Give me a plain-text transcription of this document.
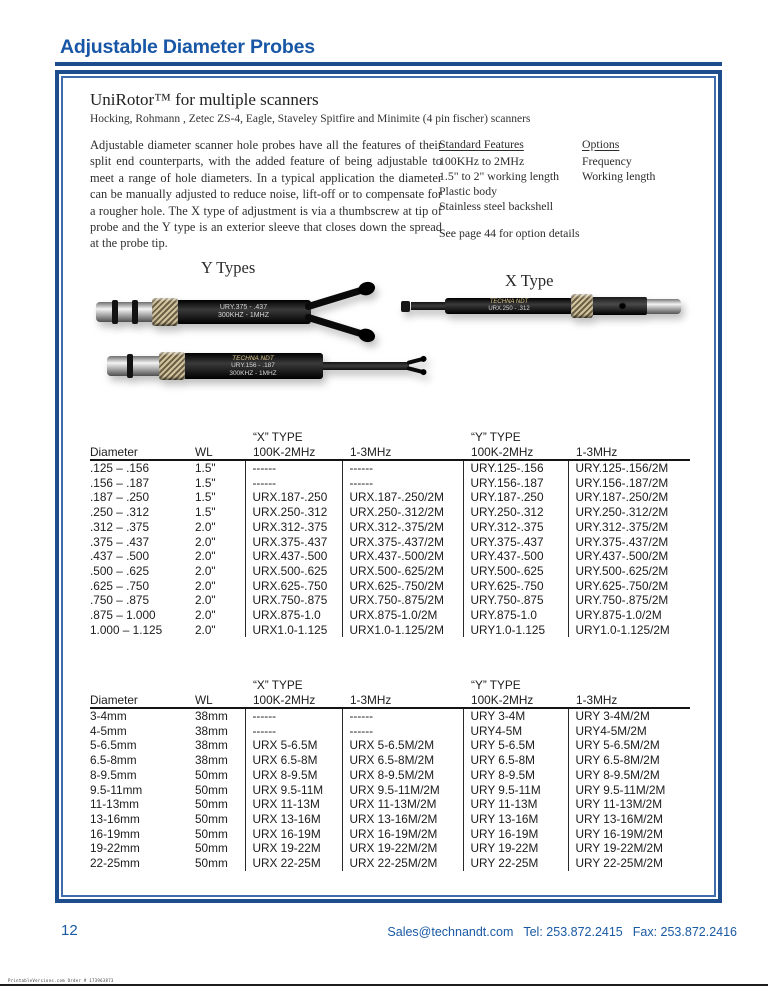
Adjustable Diameter Probes
UniRotor™ for multiple scanners
Hocking, Rohmann , Zetec ZS-4, Eagle, Staveley Spitfire and Minimite (4 pin fischer) scanners
Adjustable diameter scanner hole probes have all the features of their split end counterparts, with the added feature of being adjustable to meet a range of hole diameters. In a typical application the diameter can be manually adjusted to reduce noise, lift-off or to compensate for a rougher hole. The X type of adjustment is via a thumbscrew at tip of probe and the Y type is an exterior sleeve that closes down the spread at the probe tip.
Standard Features
100KHz to 2MHz
1.5" to 2" working length
Plastic body
Stainless steel backshell
See page 44 for option details
Options
Frequency
Working length
Y Types
X Type
URY.375 - .437
300KHZ - 1MHZ
TECHNA NDT
URX.250 - .312
TECHNA NDT
URY.156 - .187
300KHZ - 1MHZ
		“X” TYPE		“Y” TYPE	
Diameter	WL	100K-2MHz	1-3MHz	100K-2MHz	1-3MHz
.125 – .156	1.5"	------	------	URY.125-.156	URY.125-.156/2M
.156 – .187	1.5"	------	------	URY.156-.187	URY.156-.187/2M
.187 – .250	1.5"	URX.187-.250	URX.187-.250/2M	URY.187-.250	URY.187-.250/2M
.250 – .312	1.5"	URX.250-.312	URX.250-.312/2M	URY.250-.312	URY.250-.312/2M
.312 – .375	2.0"	URX.312-.375	URX.312-.375/2M	URY.312-.375	URY.312-.375/2M
.375 – .437	2.0"	URX.375-.437	URX.375-.437/2M	URY.375-.437	URY.375-.437/2M
.437 – .500	2.0"	URX.437-.500	URX.437-.500/2M	URY.437-.500	URY.437-.500/2M
.500 – .625	2.0"	URX.500-.625	URX.500-.625/2M	URY.500-.625	URY.500-.625/2M
.625 – .750	2.0"	URX.625-.750	URX.625-.750/2M	URY.625-.750	URY.625-.750/2M
.750 – .875	2.0"	URX.750-.875	URX.750-.875/2M	URY.750-.875	URY.750-.875/2M
.875 – 1.000	2.0"	URX.875-1.0	URX.875-1.0/2M	URY.875-1.0	URY.875-1.0/2M
1.000 – 1.125	2.0"	URX1.0-1.125	URX1.0-1.125/2M	URY1.0-1.125	URY1.0-1.125/2M
		“X” TYPE		“Y” TYPE	
Diameter	WL	100K-2MHz	1-3MHz	100K-2MHz	1-3MHz
3-4mm	38mm	------	------	URY 3-4M	URY 3-4M/2M
4-5mm	38mm	------	------	URY4-5M	URY4-5M/2M
5-6.5mm	38mm	URX 5-6.5M	URX 5-6.5M/2M	URY 5-6.5M	URY 5-6.5M/2M
6.5-8mm	38mm	URX 6.5-8M	URX 6.5-8M/2M	URY 6.5-8M	URY 6.5-8M/2M
8-9.5mm	50mm	URX 8-9.5M	URX 8-9.5M/2M	URY 8-9.5M	URY 8-9.5M/2M
9.5-11mm	50mm	URX 9.5-11M	URX 9.5-11M/2M	URY 9.5-11M	URY 9.5-11M/2M
11-13mm	50mm	URX 11-13M	URX 11-13M/2M	URY 11-13M	URY 11-13M/2M
13-16mm	50mm	URX 13-16M	URX 13-16M/2M	URY 13-16M	URY 13-16M/2M
16-19mm	50mm	URX 16-19M	URX 16-19M/2M	URY 16-19M	URY 16-19M/2M
19-22mm	50mm	URX 19-22M	URX 19-22M/2M	URY 19-22M	URY 19-22M/2M
22-25mm	50mm	URX 22-25M	URX 22-25M/2M	URY 22-25M	URY 22-25M/2M
12	Sales@technandt.com Tel: 253.872.2415 Fax: 253.872.2416
PrintableVersions.com Order # 173963873
